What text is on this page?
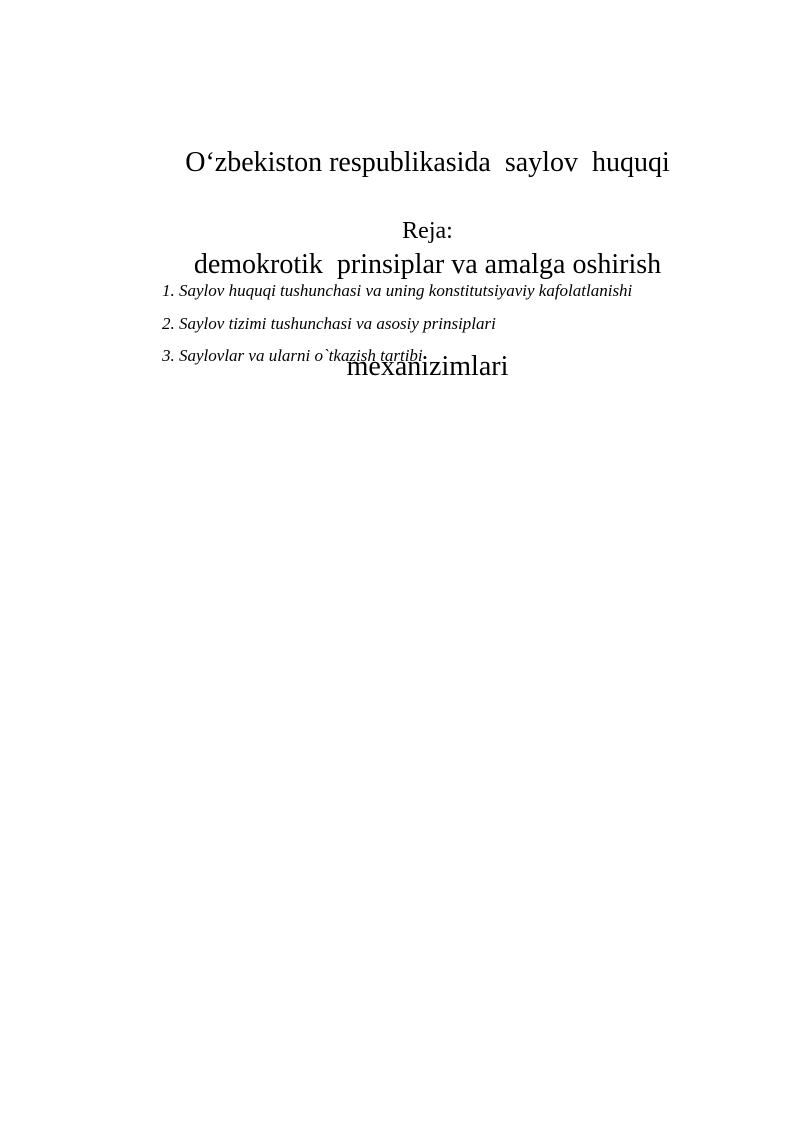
O‘zbekiston respublikasida  saylov  huquqi

demokrotik  prinsiplar va amalga oshirish

mexanizimlari

Reja:
1. Saylov huquqi tushunchasi va uning konstitutsiyaviy kafolatlanishi
2. Saylov tizimi tushunchasi va asosiy prinsiplari
3. Saylovlar va ularni o`tkazish tartibi
